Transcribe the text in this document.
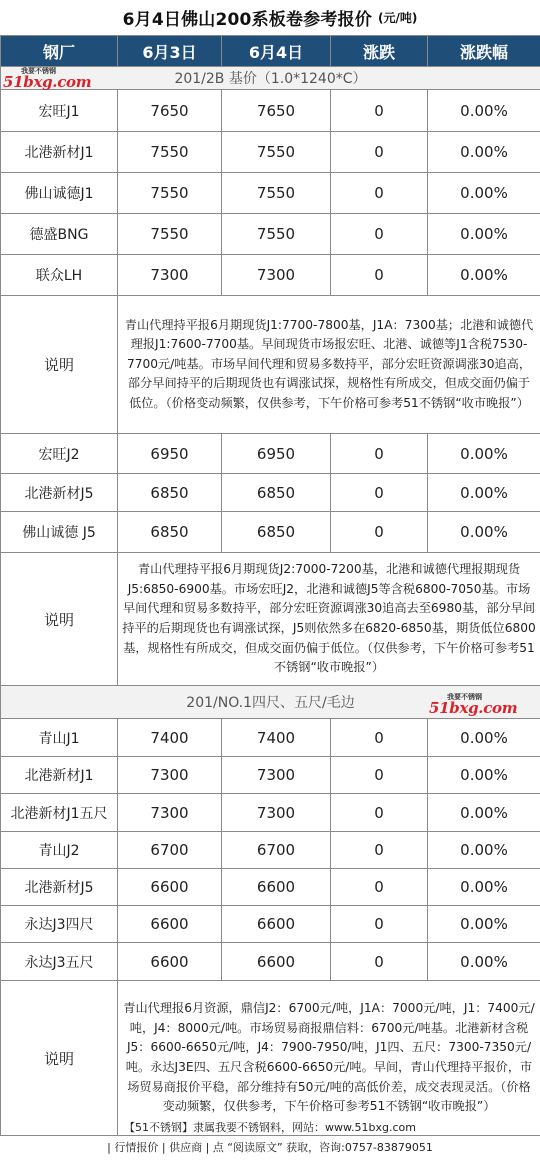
6月4日佛山200系板卷参考报价 (元/吨)
钢厂	6月3日	6月4日	涨跌	涨跌幅

我要不锈钢
51bxg.com 201/2B 基价（1.0*1240*C）				
宏旺J1	7650	7650	0	0.00%
北港新材J1	7550	7550	0	0.00%
佛山诚德J1	7550	7550	0	0.00%
德盛BNG	7550	7550	0	0.00%
联众LH	7300	7300	0	0.00%
说明	青山代理持平报6月期现货J1:7700-7800基，J1A：7300基；北港和诚德代理报J1:7600-7700基。早间现货市场报宏旺、北港、诚德等J1含税7530-7700元/吨基。市场早间代理和贸易多数持平，部分宏旺资源调涨30追高，部分早间持平的后期现货也有调涨试探，规格性有所成交，但成交面仍偏于低位。（价格变动频繁，仅供参考，下午价格可参考51不锈钢“收市晚报”）			
宏旺J2	6950	6950	0	0.00%
北港新材J5	6850	6850	0	0.00%
佛山诚德 J5	6850	6850	0	0.00%
说明	青山代理持平报6月期现货J2:7000-7200基，北港和诚德代理报期现货J5:6850-6900基。市场宏旺J2，北港和诚德J5等含税6800-7050基。市场早间代理和贸易多数持平，部分宏旺资源调涨30追高去至6980基，部分早间持平的后期现货也有调涨试探，J5则依然多在6820-6850基，期货低位6800基，规格性有所成交，但成交面仍偏于低位。（仅供参考，下午价格可参考51不锈钢“收市晚报”）			
201/NO.1四尺、五尺/毛边 我要不锈钢
51bxg.com				

青山J1	7400	7400	0	0.00%
北港新材J1	7300	7300	0	0.00%
北港新材J1五尺	7300	7300	0	0.00%
青山J2	6700	6700	0	0.00%
北港新材J5	6600	6600	0	0.00%
永达J3四尺	6600	6600	0	0.00%
永达J3五尺	6600	6600	0	0.00%
说明	青山代理报6月资源，鼎信J2：6700元/吨，J1A：7000元/吨，J1：7400元/吨，J4：8000元/吨。市场贸易商报鼎信料：6700元/吨基。北港新材含税J5：6600-6650元/吨，J4：7900-7950/吨，J1四、五尺：7300-7350元/吨。永达J3E四、五尺含税6600-6650元/吨。早间，青山代理持平报价，市场贸易商报价平稳，部分维持有50元/吨的高低价差，成交表现灵活。（价格变动频繁，仅供参考，下午价格可参考51不锈钢“收市晚报”）			
【51不锈钢】隶属我要不锈钢料，网站：www.51bxg.com
| 行情报价 | 供应商 | 点 “阅读原文” 获取，咨询:0757-83879051
